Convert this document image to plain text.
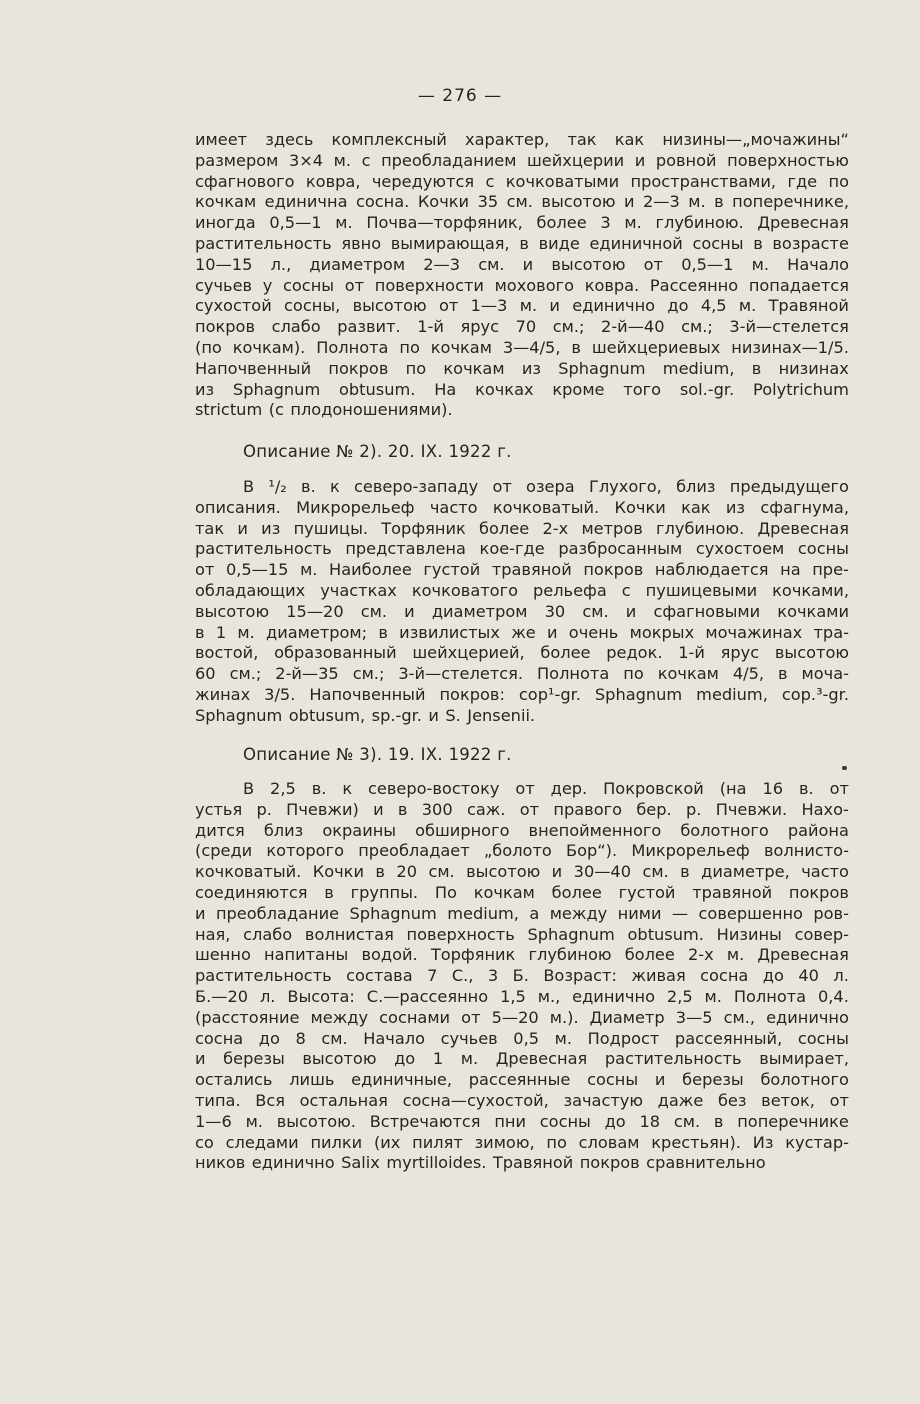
— 276 —
имеет здесь комплексный характер, так как низины—„мочажины“
размером 3×4 м. с преобладанием шейхцерии и ровной поверхностью
сфагнового ковра, чередуются с кочковатыми пространствами, где по
кочкам единична сосна. Кочки 35 см. высотою и 2—3 м. в поперечнике,
иногда 0,5—1 м. Почва—торфяник, более 3 м. глубиною. Древесная
растительность явно вымирающая, в виде единичной сосны в возрасте
10—15 л., диаметром 2—3 см. и высотою от 0,5—1 м. Начало
сучьев у сосны от поверхности мохового ковра. Рассеянно попадается
сухостой сосны, высотою от 1—3 м. и единично до 4,5 м. Травяной
покров слабо развит. 1-й ярус 70 см.; 2-й—40 см.; 3-й—стелется
(по кочкам). Полнота по кочкам 3—4/5, в шейхцериевых низинах—1/5.
Напочвенный покров по кочкам из Sphagnum medium, в низинах
из Sphagnum obtusum. На кочках кроме того sol.-gr. Polytrichum
strictum (с плодоношениями).
Описание № 2). 20. IX. 1922 г.
В ¹/₂ в. к северо-западу от озера Глухого, близ предыдущего
описания. Микрорельеф часто кочковатый. Кочки как из сфагнума,
так и из пушицы. Торфяник более 2-х метров глубиною. Древесная
растительность представлена кое-где разбросанным сухостоем сосны
от 0,5—15 м. Наиболее густой травяной покров наблюдается на пре-
обладающих участках кочковатого рельефа с пушицевыми кочками,
высотою 15—20 см. и диаметром 30 см. и сфагновыми кочками
в 1 м. диаметром; в извилистых же и очень мокрых мочажинах тра-
востой, образованный шейхцерией, более редок. 1-й ярус высотою
60 см.; 2-й—35 см.; 3-й—стелется. Полнота по кочкам 4/5, в моча-
жинах 3/5. Напочвенный покров: cop¹-gr. Sphagnum medium, cop.³-gr.
Sphagnum obtusum, sp.-gr. и S. Jensenii.
Описание № 3). 19. IX. 1922 г.
В 2,5 в. к северо-востоку от дер. Покровской (на 16 в. от
устья р. Пчевжи) и в 300 саж. от правого бер. р. Пчевжи. Нахо-
дится близ окраины обширного внепойменного болотного района
(среди которого преобладает „болото Бор“). Микрорельеф волнисто-
кочковатый. Кочки в 20 см. высотою и 30—40 см. в диаметре, часто
соединяются в группы. По кочкам более густой травяной покров
и преобладание Sphagnum medium, а между ними — совершенно ров-
ная, слабо волнистая поверхность Sphagnum obtusum. Низины совер-
шенно напитаны водой. Торфяник глубиною более 2-х м. Древесная
растительность состава 7 С., 3 Б. Возраст: живая сосна до 40 л.
Б.—20 л. Высота: С.—рассеянно 1,5 м., единично 2,5 м. Полнота 0,4.
(расстояние между соснами от 5—20 м.). Диаметр 3—5 см., единично
сосна до 8 см. Начало сучьев 0,5 м. Подрост рассеянный, сосны
и березы высотою до 1 м. Древесная растительность вымирает,
остались лишь единичные, рассеянные сосны и березы болотного
типа. Вся остальная сосна—сухостой, зачастую даже без веток, от
1—6 м. высотою. Встречаются пни сосны до 18 см. в поперечнике
со следами пилки (их пилят зимою, по словам крестьян). Из кустар-
ников единично Salix myrtilloides. Травяной покров сравнительно
